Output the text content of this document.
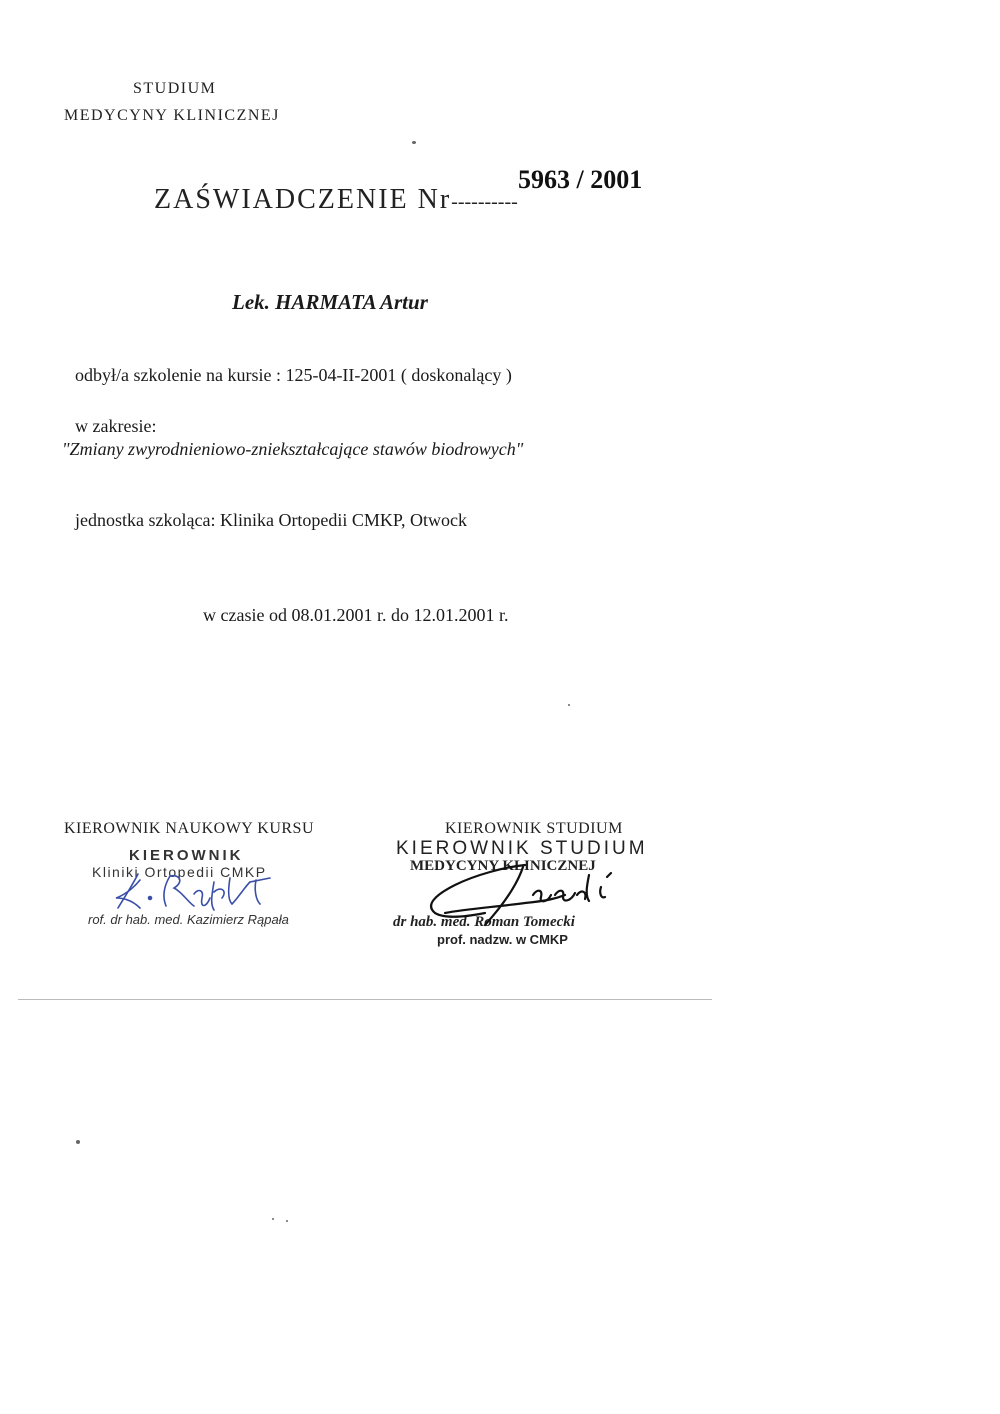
STUDIUM
MEDYCYNY KLINICZNEJ
ZAŚWIADCZENIE Nr----------
5963 / 2001
Lek. HARMATA Artur
odbył/a szkolenie na kursie : 125-04-II-2001 ( doskonalący )
w zakresie:
"Zmiany zwyrodnieniowo-zniekształcające stawów biodrowych"
jednostka szkoląca: Klinika Ortopedii CMKP, Otwock
w czasie od 08.01.2001 r. do 12.01.2001 r.
KIEROWNIK NAUKOWY KURSU
KIEROWNIK
Kliniki Ortopedii CMKP
rof. dr hab. med. Kazimierz Rąpała
KIEROWNIK STUDIUM
KIEROWNIK STUDIUM
MEDYCYNY KLINICZNEJ
dr hab. med. Roman Tomecki
prof. nadzw. w CMKP
